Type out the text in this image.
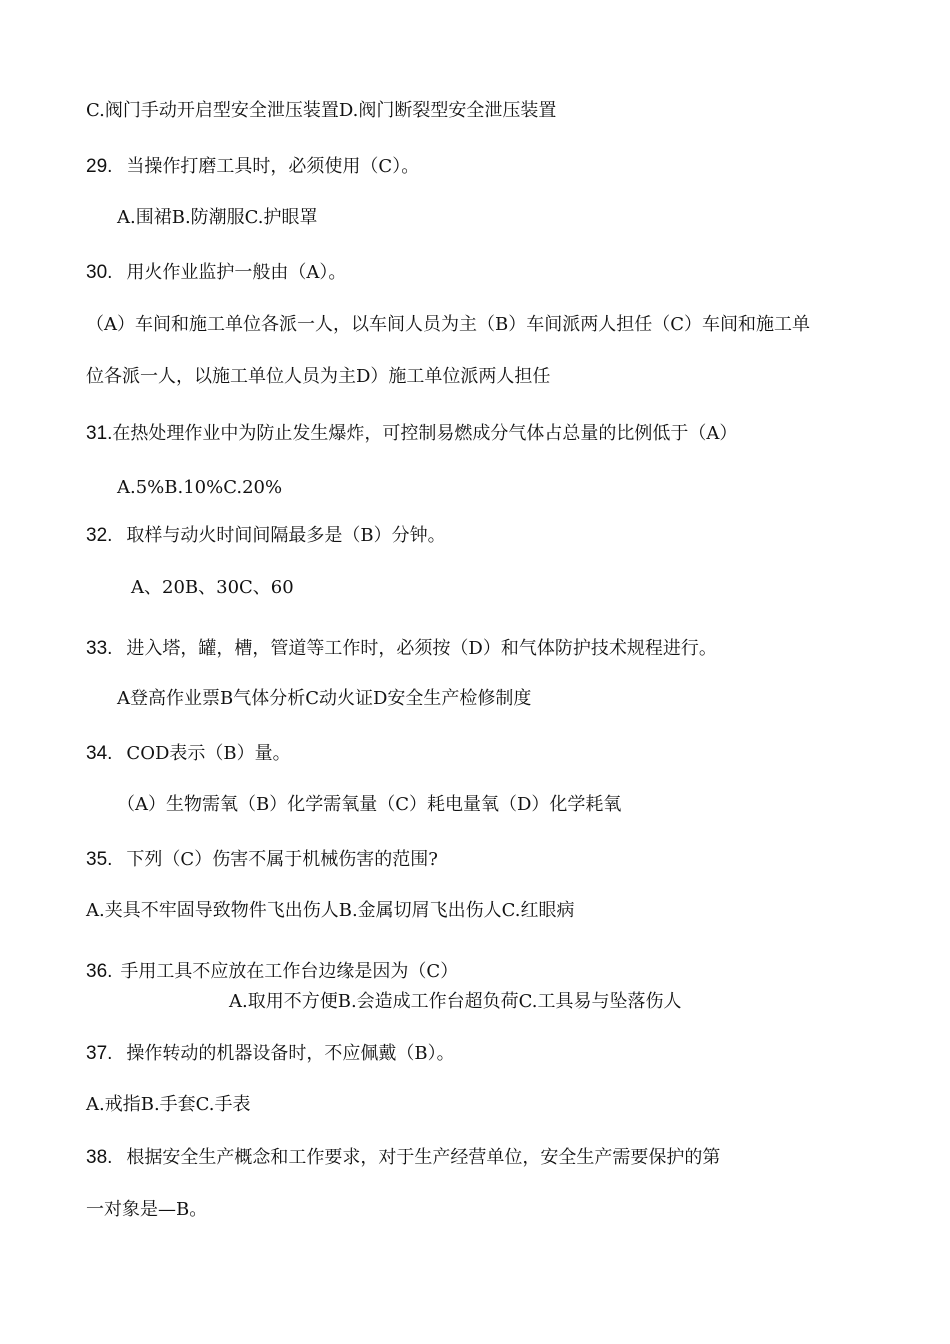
C.阀门手动开启型安全泄压装置D.阀门断裂型安全泄压装置
29. 当操作打磨工具时，必须使用（C）。
A.围裙B.防潮服C.护眼罩
30. 用火作业监护一般由（A）。
（A）车间和施工单位各派一人，以车间人员为主（B）车间派两人担任（C）车间和施工单
位各派一人，以施工单位人员为主D）施工单位派两人担任
31.在热处理作业中为防止发生爆炸，可控制易燃成分气体占总量的比例低于（A）
A.5%B.10%C.20%
32. 取样与动火时间间隔最多是（B）分钟。
A、20B、30C、60
33. 进入塔，罐，槽，管道等工作时，必须按（D）和气体防护技术规程进行。
A登高作业票B气体分析C动火证D安全生产检修制度
34. COD表示（B）量。
（A）生物需氧（B）化学需氧量（C）耗电量氧（D）化学耗氧
35. 下列（C）伤害不属于机械伤害的范围?
A.夹具不牢固导致物件飞出伤人B.金属切屑飞出伤人C.红眼病
36. 手用工具不应放在工作台边缘是因为（C）
A.取用不方便B.会造成工作台超负荷C.工具易与坠落伤人
37. 操作转动的机器设备时，不应佩戴（B）。
A.戒指B.手套C.手表
38. 根据安全生产概念和工作要求，对于生产经营单位，安全生产需要保护的第
一对象是—B。
